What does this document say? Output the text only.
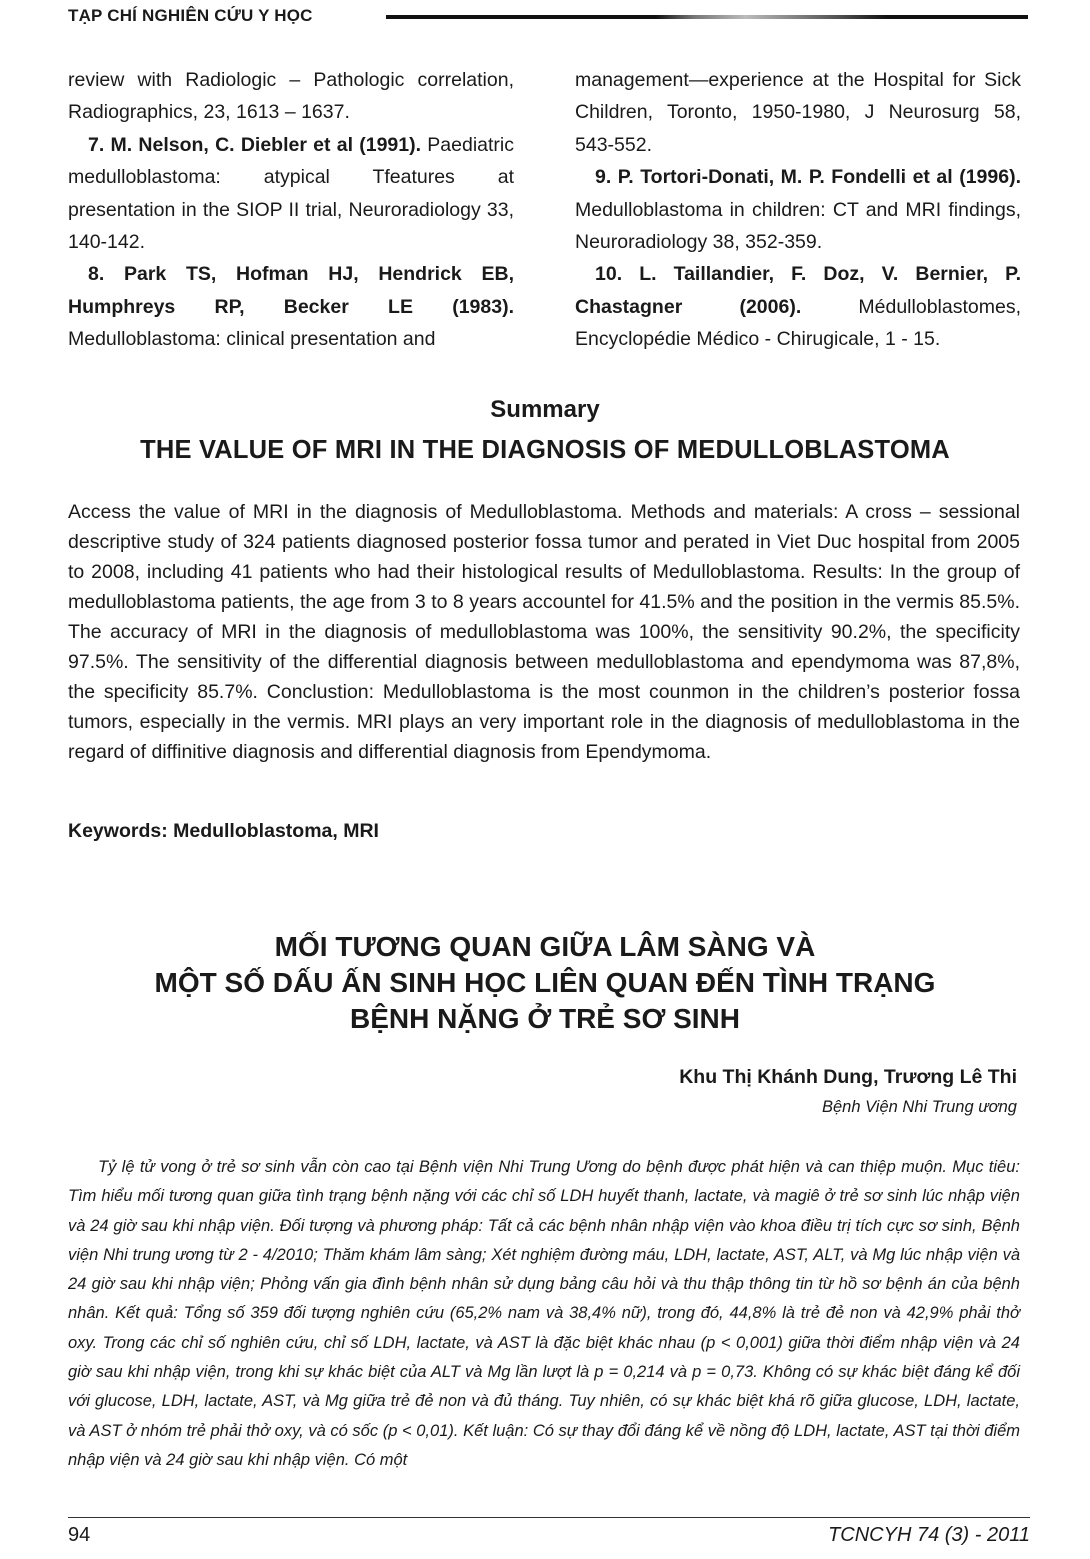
TẠP CHÍ NGHIÊN CỨU Y HỌC

review with Radiologic – Pathologic correlation, Radiographics, 23, 1613 – 1637.

7. M. Nelson, C. Diebler et al (1991). Paediatric medulloblastoma: atypical Tfeatures at presentation in the SIOP II trial, Neuroradiology 33, 140-142.

8. Park TS, Hofman HJ, Hendrick EB, Humphreys RP, Becker LE (1983). Medulloblastoma: clinical presentation and

management—experience at the Hospital for Sick Children, Toronto, 1950-1980, J Neurosurg 58, 543-552.

9. P. Tortori-Donati, M. P. Fondelli et al (1996). Medulloblastoma in children: CT and MRI findings, Neuroradiology 38, 352-359.

10. L. Taillandier, F. Doz, V. Bernier, P. Chastagner (2006).	Médulloblastomes, Encyclopédie Médico - Chirugicale, 1 - 15.

Summary
THE VALUE OF MRI IN THE DIAGNOSIS OF MEDULLOBLASTOMA

Access the value of MRI in the diagnosis of Medulloblastoma. Methods and materials: A cross – sessional descriptive study of 324 patients diagnosed posterior fossa tumor and perated in Viet Duc hospital from 2005 to 2008, including 41 patients who had their histological results of Medulloblastoma. Results: In the group of medulloblastoma patients, the age from 3 to 8 years accountel for 41.5% and the position in the vermis 85.5%. The accuracy of MRI in the diagnosis of medulloblastoma was 100%, the sensitivity 90.2%, the specificity 97.5%. The sensitivity of the differential diagnosis between medulloblastoma and ependymoma was 87,8%, the specificity 85.7%. Conclustion: Medulloblastoma is the most counmon in the children’s posterior fossa tumors, especially in the vermis. MRI plays an very important role in the diagnosis of medulloblastoma in the regard of diffinitive diagnosis and differential diagnosis from Ependymoma.

Keywords: Medulloblastoma, MRI
MỐI TƯƠNG QUAN GIỮA LÂM SÀNG VÀ
MỘT SỐ DẤU ẤN SINH HỌC LIÊN QUAN ĐẾN TÌNH TRẠNG
BỆNH NẶNG Ở TRẺ SƠ SINH
Khu Thị Khánh Dung, Trương Lê Thi
Bệnh Viện Nhi Trung ương

Tỷ lệ tử vong ở trẻ sơ sinh vẫn còn cao tại Bệnh viện Nhi Trung Ương do bệnh được phát hiện và can thiệp muộn. Mục tiêu: Tìm hiểu mối tương quan giữa tình trạng bệnh nặng với các chỉ số LDH huyết thanh, lactate, và magiê ở trẻ sơ sinh lúc nhập viện và 24 giờ sau khi nhập viện. Đối tượng và phương pháp: Tất cả các bệnh nhân nhập viện vào khoa điều trị tích cực sơ sinh, Bệnh viện Nhi trung ương từ 2 - 4/2010; Thăm khám lâm sàng; Xét nghiệm đường máu, LDH, lactate, AST, ALT, và Mg lúc nhập viện và 24 giờ sau khi nhập viện; Phỏng vấn gia đình bệnh nhân sử dụng bảng câu hỏi và thu thập thông tin từ hồ sơ bệnh án của bệnh nhân. Kết quả: Tổng số 359 đối tượng nghiên cứu (65,2% nam và 38,4% nữ), trong đó, 44,8% là trẻ đẻ non và 42,9% phải thở oxy. Trong các chỉ số nghiên cứu, chỉ số LDH, lactate, và AST là đặc biệt khác nhau (p < 0,001) giữa thời điểm nhập viện và 24 giờ sau khi nhập viện, trong khi sự khác biệt của ALT và Mg lần lượt là p = 0,214 và p = 0,73. Không có sự khác biệt đáng kể đối với glucose, LDH, lactate, AST, và Mg giữa trẻ đẻ non và đủ tháng. Tuy nhiên, có sự khác biệt khá rõ giữa glucose, LDH, lactate, và AST ở nhóm trẻ phải thở oxy, và có sốc (p < 0,01). Kết luận: Có sự thay đổi đáng kể về nồng độ LDH, lactate, AST tại thời điểm nhập viện và 24 giờ sau khi nhập viện. Có một

94	TCNCYH 74 (3) - 2011
